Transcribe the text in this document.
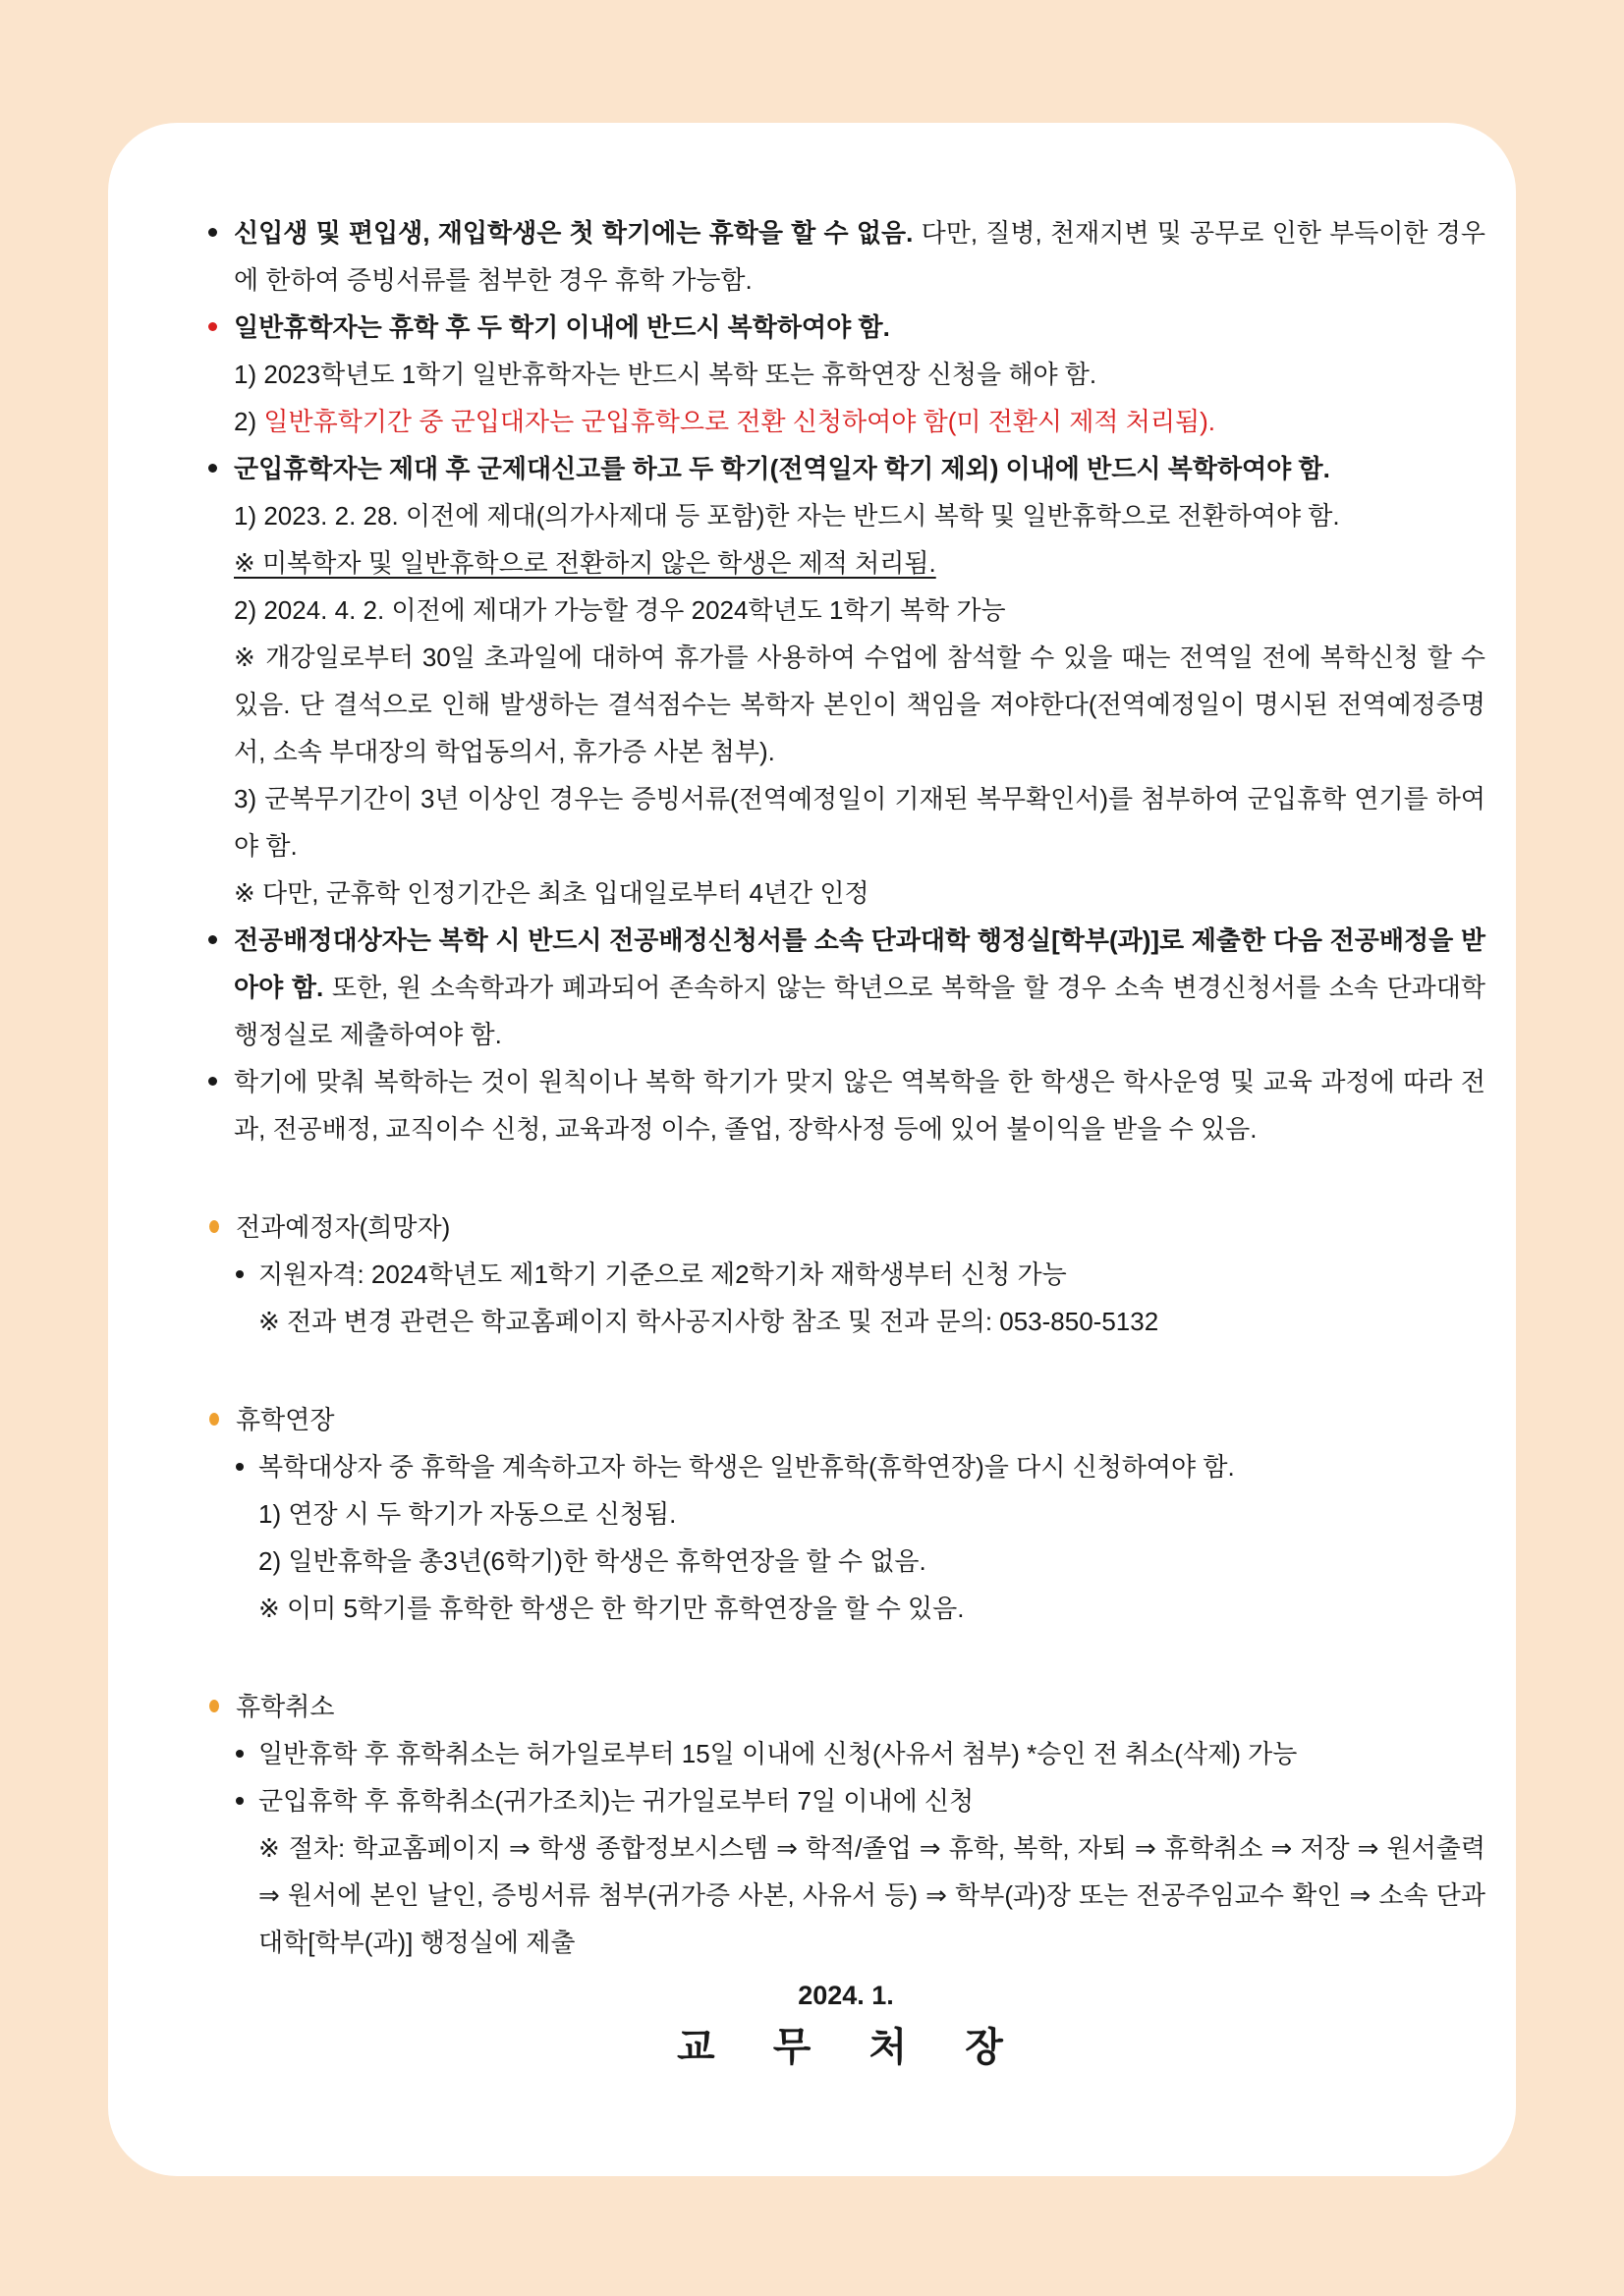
신입생 및 편입생, 재입학생은 첫 학기에는 휴학을 할 수 없음. 다만, 질병, 천재지변 및 공무로 인한 부득이한 경우에 한하여 증빙서류를 첨부한 경우 휴학 가능함.
일반휴학자는 휴학 후 두 학기 이내에 반드시 복학하여야 함.
1) 2023학년도 1학기 일반휴학자는 반드시 복학 또는 휴학연장 신청을 해야 함.
2) 일반휴학기간 중 군입대자는 군입휴학으로 전환 신청하여야 함(미 전환시 제적 처리됨).
군입휴학자는 제대 후 군제대신고를 하고 두 학기(전역일자 학기 제외) 이내에 반드시 복학하여야 함.
1) 2023. 2. 28. 이전에 제대(의가사제대 등 포함)한 자는 반드시 복학 및 일반휴학으로 전환하여야 함.
※ 미복학자 및 일반휴학으로 전환하지 않은 학생은 제적 처리됨.
2) 2024. 4. 2. 이전에 제대가 가능할 경우 2024학년도 1학기 복학 가능
※ 개강일로부터 30일 초과일에 대하여 휴가를 사용하여 수업에 참석할 수 있을 때는 전역일 전에 복학신청 할 수 있음. 단 결석으로 인해 발생하는 결석점수는 복학자 본인이 책임을 져야한다(전역예정일이 명시된 전역예정증명서, 소속 부대장의 학업동의서, 휴가증 사본 첨부).
3) 군복무기간이 3년 이상인 경우는 증빙서류(전역예정일이 기재된 복무확인서)를 첨부하여 군입휴학 연기를 하여야 함.
※ 다만, 군휴학 인정기간은 최초 입대일로부터 4년간 인정
전공배정대상자는 복학 시 반드시 전공배정신청서를 소속 단과대학 행정실[학부(과)]로 제출한 다음 전공배정을 받아야 함. 또한, 원 소속학과가 폐과되어 존속하지 않는 학년으로 복학을 할 경우 소속 변경신청서를 소속 단과대학 행정실로 제출하여야 함.
학기에 맞춰 복학하는 것이 원칙이나 복학 학기가 맞지 않은 역복학을 한 학생은 학사운영 및 교육 과정에 따라 전과, 전공배정, 교직이수 신청, 교육과정 이수, 졸업, 장학사정 등에 있어 불이익을 받을 수 있음.
전과예정자(희망자)
지원자격: 2024학년도 제1학기 기준으로 제2학기차 재학생부터 신청 가능
※ 전과 변경 관련은 학교홈페이지 학사공지사항 참조 및 전과 문의: 053-850-5132
휴학연장
복학대상자 중 휴학을 계속하고자 하는 학생은 일반휴학(휴학연장)을 다시 신청하여야 함.
1) 연장 시 두 학기가 자동으로 신청됨.
2) 일반휴학을 총3년(6학기)한 학생은 휴학연장을 할 수 없음.
※ 이미 5학기를 휴학한 학생은 한 학기만 휴학연장을 할 수 있음.
휴학취소
일반휴학 후 휴학취소는 허가일로부터 15일 이내에 신청(사유서 첨부) *승인 전 취소(삭제) 가능
군입휴학 후 휴학취소(귀가조치)는 귀가일로부터 7일 이내에 신청
※ 절차: 학교홈페이지 ⇒ 학생 종합정보시스템 ⇒ 학적/졸업 ⇒ 휴학, 복학, 자퇴 ⇒ 휴학취소 ⇒ 저장 ⇒ 원서출력 ⇒ 원서에 본인 날인, 증빙서류 첨부(귀가증 사본, 사유서 등) ⇒ 학부(과)장 또는 전공주임교수 확인 ⇒ 소속 단과대학[학부(과)] 행정실에 제출
2024. 1.
교 무 처 장
